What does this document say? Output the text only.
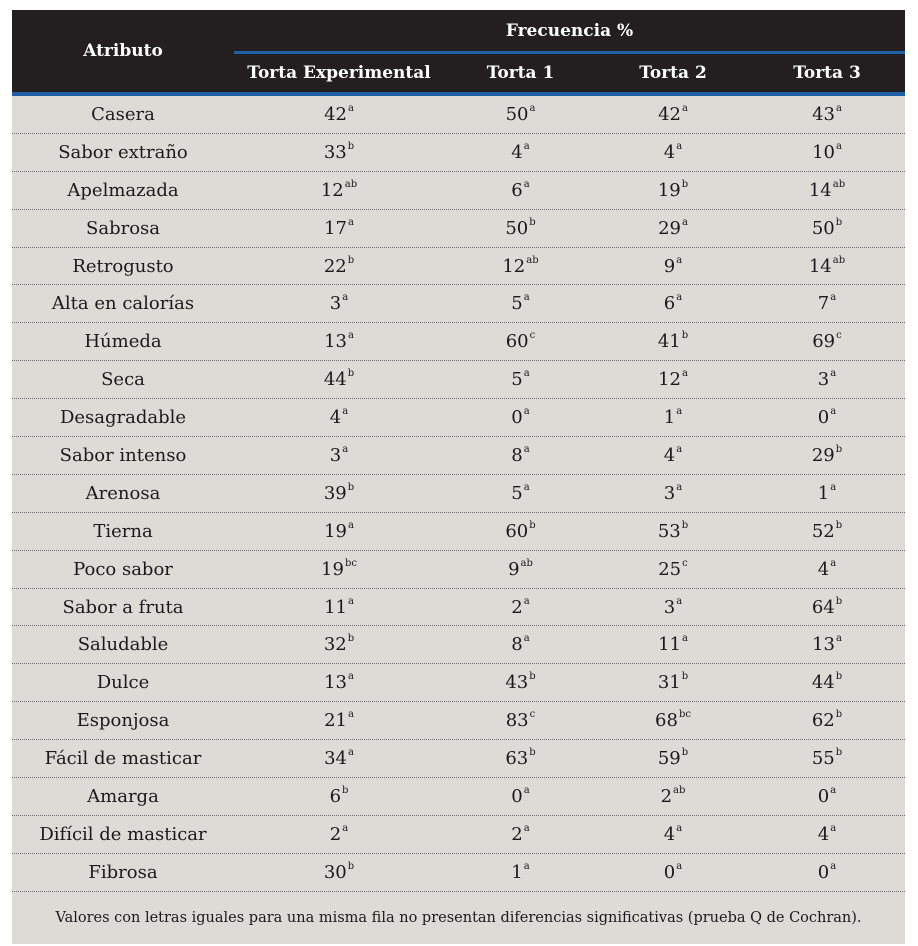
Atributo
Frecuencia %
Torta Experimental	Torta 1	Torta 2	Torta 3
Casera	42 a	50 a	42 a	43 a
Sabor extraño	33 b	4 a	4 a	10 a
Apelmazada	12 ab	6 a	19 b	14 ab
Sabrosa	17 a	50 b	29 a	50 b
Retrogusto	22 b	12 ab	9 a	14 ab
Alta en calorías	3 a	5 a	6 a	7 a
Húmeda	13 a	60 c	41 b	69 c
Seca	44 b	5 a	12 a	3 a
Desagradable	4 a	0 a	1 a	0 a
Sabor intenso	3 a	8 a	4 a	29 b
Arenosa	39 b	5 a	3 a	1 a
Tierna	19 a	60 b	53 b	52 b
Poco sabor	19 bc	9 ab	25 c	4 a
Sabor a fruta	11 a	2 a	3 a	64 b
Saludable	32 b	8 a	11 a	13 a
Dulce	13 a	43 b	31 b	44 b
Esponjosa	21 a	83 c	68 bc	62 b
Fácil de masticar	34 a	63 b	59 b	55 b
Amarga	6 b	0 a	2 ab	0 a
Difícil de masticar	2 a	2 a	4 a	4 a
Fibrosa	30 b	1 a	0 a	0 a
Valores con letras iguales para una misma fila no presentan diferencias significativas (prueba Q de Cochran).
